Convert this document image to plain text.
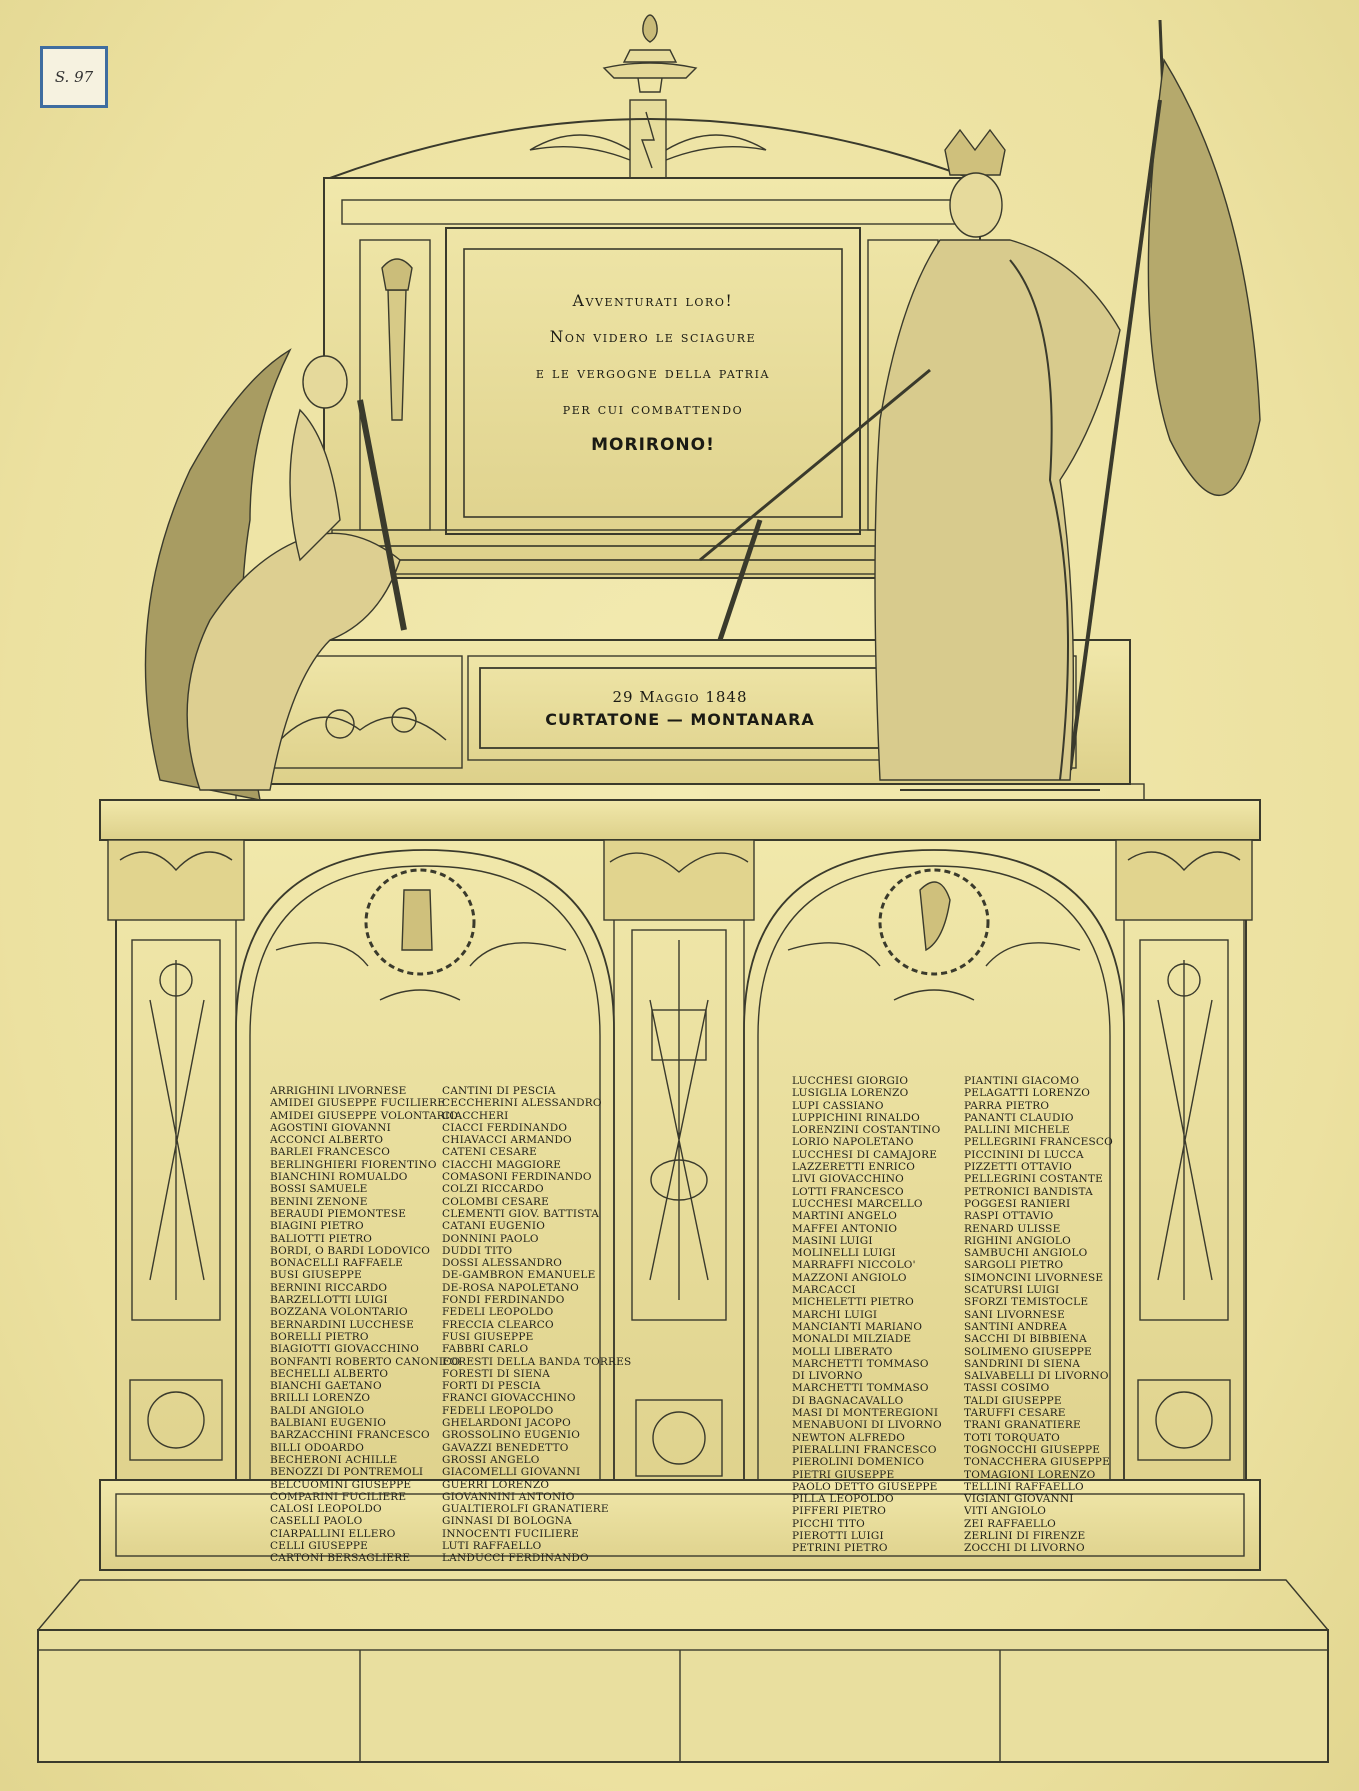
S. 97
Avventurati loro!
Non videro le sciagure
e le vergogne della patria
per cui combattendo
MORIRONO!
29 Maggio 1848
CURTATONE — MONTANARA
ARRIGHINI LIVORNESE
AMIDEI GIUSEPPE FUCILIERE
AMIDEI GIUSEPPE VOLONTARIO
AGOSTINI GIOVANNI
ACCONCI ALBERTO
BARLEI FRANCESCO
BERLINGHIERI FIORENTINO
BIANCHINI ROMUALDO
BOSSI SAMUELE
BENINI ZENONE
BERAUDI PIEMONTESE
BIAGINI PIETRO
BALIOTTI PIETRO
BORDI, O BARDI LODOVICO
BONACELLI RAFFAELE
BUSI GIUSEPPE
BERNINI RICCARDO
BARZELLOTTI LUIGI
BOZZANA VOLONTARIO
BERNARDINI LUCCHESE
BORELLI PIETRO
BIAGIOTTI GIOVACCHINO
BONFANTI ROBERTO CANONICO
BECHELLI ALBERTO
BIANCHI GAETANO
BRILLI LORENZO
BALDI ANGIOLO
BALBIANI EUGENIO
BARZACCHINI FRANCESCO
BILLI ODOARDO
BECHERONI ACHILLE
BENOZZI DI PONTREMOLI
BELCUOMINI GIUSEPPE
COMPARINI FUCILIERE
CALOSI LEOPOLDO
CASELLI PAOLO
CIARPALLINI ELLERO
CELLI GIUSEPPE
CARTONI BERSAGLIERE
CANTINI DI PESCIA
CECCHERINI ALESSANDRO
CIACCHERI
CIACCI FERDINANDO
CHIAVACCI ARMANDO
CATENI CESARE
CIACCHI MAGGIORE
COMASONI FERDINANDO
COLZI RICCARDO
COLOMBI CESARE
CLEMENTI GIOV. BATTISTA
CATANI EUGENIO
DONNINI PAOLO
DUDDI TITO
DOSSI ALESSANDRO
DE-GAMBRON EMANUELE
DE-ROSA NAPOLETANO
FONDI FERDINANDO
FEDELI LEOPOLDO
FRECCIA CLEARCO
FUSI GIUSEPPE
FABBRI CARLO
FORESTI DELLA BANDA TORRES
FORESTI DI SIENA
FORTI DI PESCIA
FRANCI GIOVACCHINO
FEDELI LEOPOLDO
GHELARDONI JACOPO
GROSSOLINO EUGENIO
GAVAZZI BENEDETTO
GROSSI ANGELO
GIACOMELLI GIOVANNI
GUERRI LORENZO
GIOVANNINI ANTONIO
GUALTIEROLFI GRANATIERE
GINNASI DI BOLOGNA
INNOCENTI FUCILIERE
LUTI RAFFAELLO
LANDUCCI FERDINANDO
LUCCHESI GIORGIO
LUSIGLIA LORENZO
LUPI CASSIANO
LUPPICHINI RINALDO
LORENZINI COSTANTINO
LORIO NAPOLETANO
LUCCHESI DI CAMAJORE
LAZZERETTI ENRICO
LIVI GIOVACCHINO
LOTTI FRANCESCO
LUCCHESI MARCELLO
MARTINI ANGELO
MAFFEI ANTONIO
MASINI LUIGI
MOLINELLI LUIGI
MARRAFFI NICCOLO'
MAZZONI ANGIOLO
MARCACCI
MICHELETTI PIETRO
MARCHI LUIGI
MANCIANTI MARIANO
MONALDI MILZIADE
MOLLI LIBERATO
MARCHETTI TOMMASO
DI LIVORNO
MARCHETTI TOMMASO
DI BAGNACAVALLO
MASI DI MONTEREGIONI
MENABUONI DI LIVORNO
NEWTON ALFREDO
PIERALLINI FRANCESCO
PIEROLINI DOMENICO
PIETRI GIUSEPPE
PAOLO DETTO GIUSEPPE
PILLA LEOPOLDO
PIFFERI PIETRO
PICCHI TITO
PIEROTTI LUIGI
PETRINI PIETRO
PIANTINI GIACOMO
PELAGATTI LORENZO
PARRA PIETRO
PANANTI CLAUDIO
PALLINI MICHELE
PELLEGRINI FRANCESCO
PICCININI DI LUCCA
PIZZETTI OTTAVIO
PELLEGRINI COSTANTE
PETRONICI BANDISTA
POGGESI RANIERI
RASPI OTTAVIO
RENARD ULISSE
RIGHINI ANGIOLO
SAMBUCHI ANGIOLO
SARGOLI PIETRO
SIMONCINI LIVORNESE
SCATURSI LUIGI
SFORZI TEMISTOCLE
SANI LIVORNESE
SANTINI ANDREA
SACCHI DI BIBBIENA
SOLIMENO GIUSEPPE
SANDRINI DI SIENA
SALVABELLI DI LIVORNO
TASSI COSIMO
TALDI GIUSEPPE
TARUFFI CESARE
TRANI GRANATIERE
TOTI TORQUATO
TOGNOCCHI GIUSEPPE
TONACCHERA GIUSEPPE
TOMAGIONI LORENZO
TELLINI RAFFAELLO
VIGIANI GIOVANNI
VITI ANGIOLO
ZEI RAFFAELLO
ZERLINI DI FIRENZE
ZOCCHI DI LIVORNO
